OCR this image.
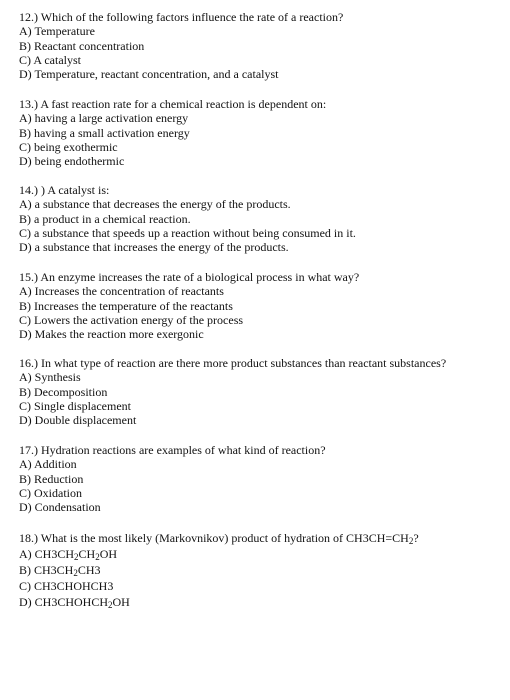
12.) Which of the following factors influence the rate of a reaction?
A) Temperature
B) Reactant concentration
C) A catalyst
D) Temperature, reactant concentration, and a catalyst
13.) A fast reaction rate for a chemical reaction is dependent on:
A) having a large activation energy
B) having a small activation energy
C) being exothermic
D) being endothermic
14.) ) A catalyst is:
A) a substance that decreases the energy of the products.
B) a product in a chemical reaction.
C) a substance that speeds up a reaction without being consumed in it.
D) a substance that increases the energy of the products.
15.) An enzyme increases the rate of a biological process in what way?
A) Increases the concentration of reactants
B) Increases the temperature of the reactants
C) Lowers the activation energy of the process
D) Makes the reaction more exergonic
16.) In what type of reaction are there more product substances than reactant substances?
A) Synthesis
B) Decomposition
C) Single displacement
D) Double displacement
17.) Hydration reactions are examples of what kind of reaction?
A) Addition
B) Reduction
C) Oxidation
D) Condensation
18.) What is the most likely (Markovnikov) product of hydration of $CH3CH=CH_2$?
A) $CH3CH_2CH_2OH$
B) $CH3CH_2CH3$
C) CH3CHOHCH3
D) $CH3CHOHCH_2OH$
